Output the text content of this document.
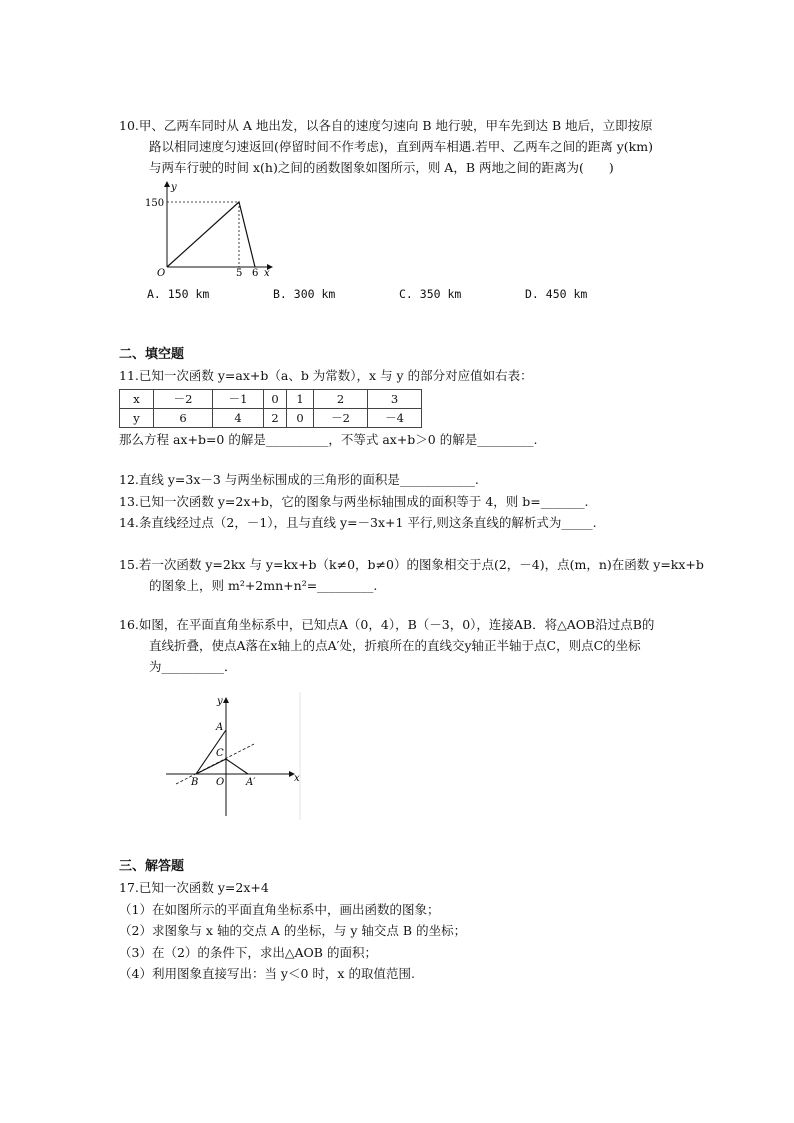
10.甲、乙两车同时从 A 地出发，以各自的速度匀速向 B 地行驶，甲车先到达 B 地后，立即按原
路以相同速度匀速返回(停留时间不作考虑)，直到两车相遇.若甲、乙两车之间的距离 y(km)
与两车行驶的时间 x(h)之间的函数图象如图所示，则 A，B 两地之间的距离为(　　)
y
x
O
150
5 6
A. 150 km	B. 300 km	C. 350 km	D. 450 km
二、填空题
11.已知一次函数 y=ax+b（a、b 为常数），x 与 y 的部分对应值如右表：
x	－2	－1	0	1	2	3
y	6	4	2	0	－2	－4
那么方程 ax+b=0 的解是__________，不等式 ax+b＞0 的解是_________.
12.直线 y=3x－3 与两坐标围成的三角形的面积是____________.
13.已知一次函数 y=2x+b，它的图象与两坐标轴围成的面积等于 4，则 b=_______.
14.条直线经过点（2，－1），且与直线 y=－3x+1 平行,则这条直线的解析式为_____.
15.若一次函数 y=2kx 与 y=kx+b（k≠0，b≠0）的图象相交于点(2，－4)，点(m，n)在函数 y=kx+b
的图象上，则 m²+2mn+n²=_________.
16.如图，在平面直角坐标系中，已知点A（0，4），B（－3，0），连接AB．将△AOB沿过点B的
直线折叠，使点A落在x轴上的点A′处，折痕所在的直线交y轴正半轴于点C，则点C的坐标
为__________．
y
x
A
B
C
O A′
三、解答题
17.已知一次函数 y=2x+4
（1）在如图所示的平面直角坐标系中，画出函数的图象；
（2）求图象与 x 轴的交点 A 的坐标，与 y 轴交点 B 的坐标；
（3）在（2）的条件下，求出△AOB 的面积；
（4）利用图象直接写出：当 y＜0 时，x 的取值范围.
